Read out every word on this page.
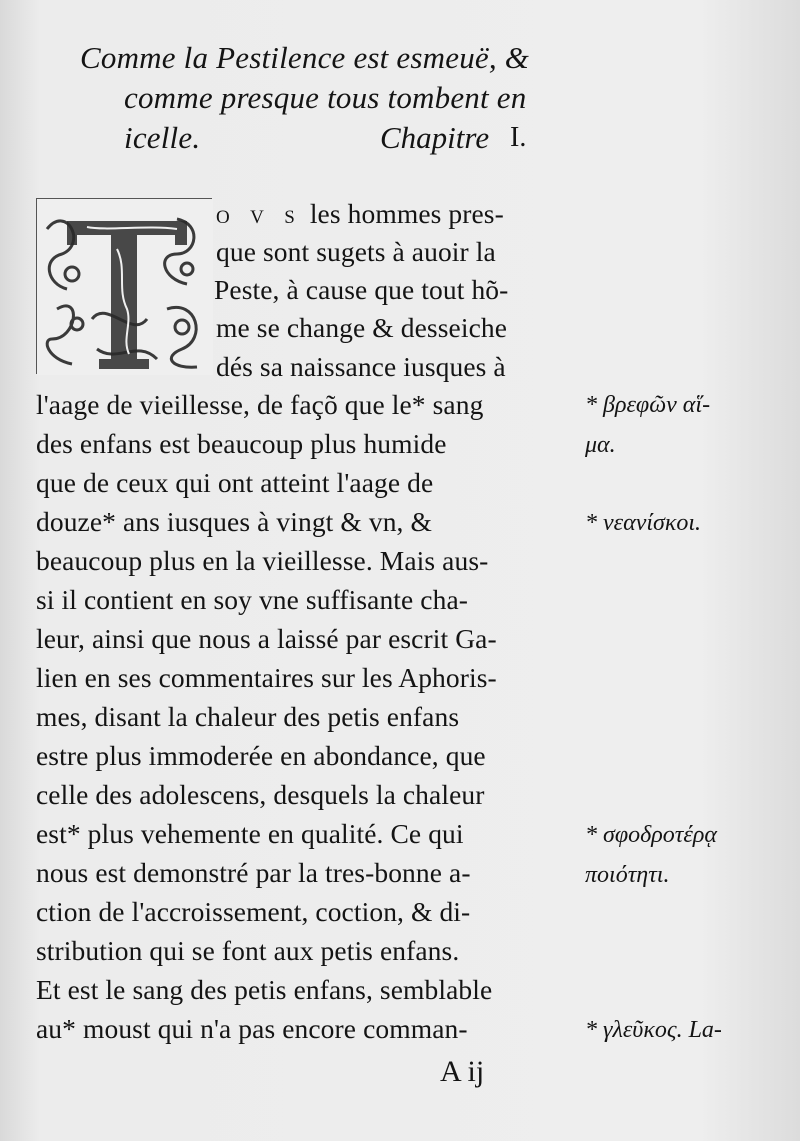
Comme la Pestilence est esmeuë, &
comme presque tous tombent en
icelle.	Chapitre I.
T
O V S les hommes pres-
que sont sugets à auoir la
Peste, à cause que tout hõ-
me se change & desseiche
dés sa naissance iusques à
l'aage de vieillesse, de façõ que le* sang
des enfans est beaucoup plus humide
que de ceux qui ont atteint l'aage de
douze* ans iusques à vingt & vn, &
beaucoup plus en la vieillesse. Mais aus-
si il contient en soy vne suffisante cha-
leur, ainsi que nous a laissé par escrit Ga-
lien en ses commentaires sur les Aphoris-
mes, disant la chaleur des petis enfans
estre plus immoderée en abondance, que
celle des adolescens, desquels la chaleur
est* plus vehemente en qualité. Ce qui
nous est demonstré par la tres-bonne a-
ction de l'accroissement, coction, & di-
stribution qui se font aux petis enfans.
Et est le sang des petis enfans, semblable
au* moust qui n'a pas encore comman-
* βρεφῶν αἵ-
μα.
* νεανίσκοι.
* σφοδροτέρᾳ
ποιότητι.
* γλεῦκος. La-
A ij
